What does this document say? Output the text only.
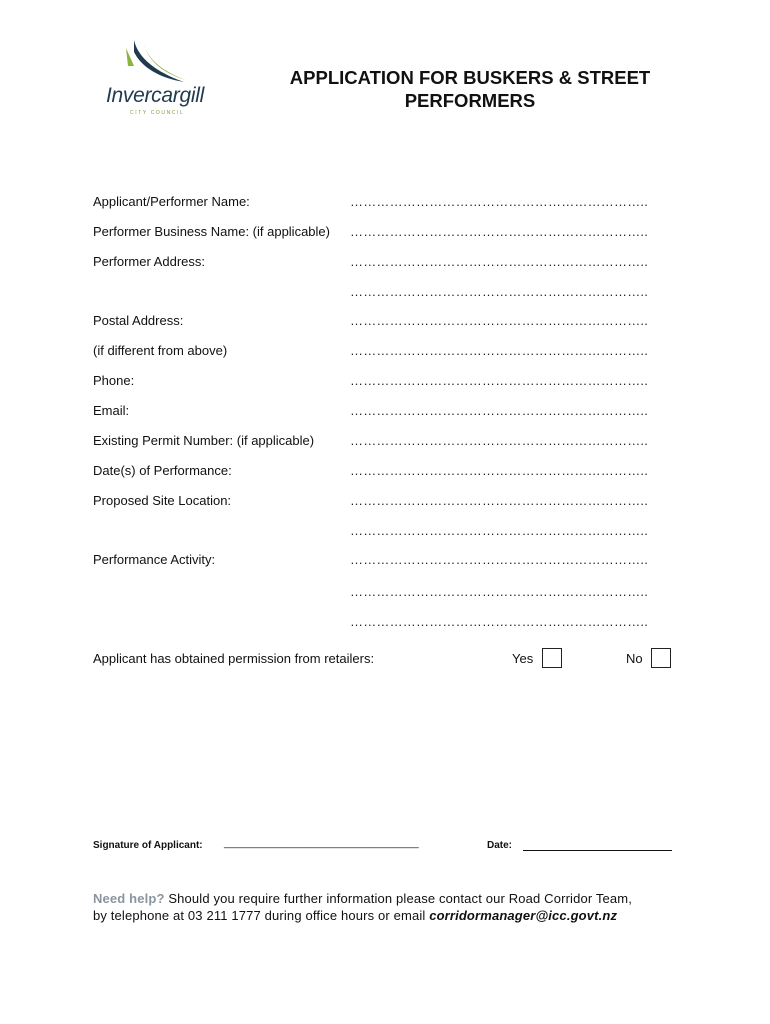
Invercargill
CITY COUNCIL
APPLICATION FOR BUSKERS & STREET
PERFORMERS
Applicant/Performer Name:	…………………………………………………………..
Performer Business Name: (if applicable) …………………………………………………………..
Performer Address:	…………………………………………………………..
…………………………………………………………..
Postal Address:	…………………………………………………………..
(if different from above)	…………………………………………………………..
Phone:	…………………………………………………………..
Email:	…………………………………………………………..
Existing Permit Number: (if applicable)	…………………………………………………………..
Date(s) of Performance:	…………………………………………………………..
Proposed Site Location:	…………………………………………………………..
…………………………………………………………..
Performance Activity:	…………………………………………………………..
…………………………………………………………..
…………………………………………………………..
Applicant has obtained permission from retailers:	Yes	No
Signature of Applicant: ___________________________________	Date:
Need help? Should you require further information please contact our Road Corridor Team,
by telephone at 03 211 1777 during office hours or email corridormanager@icc.govt.nz
